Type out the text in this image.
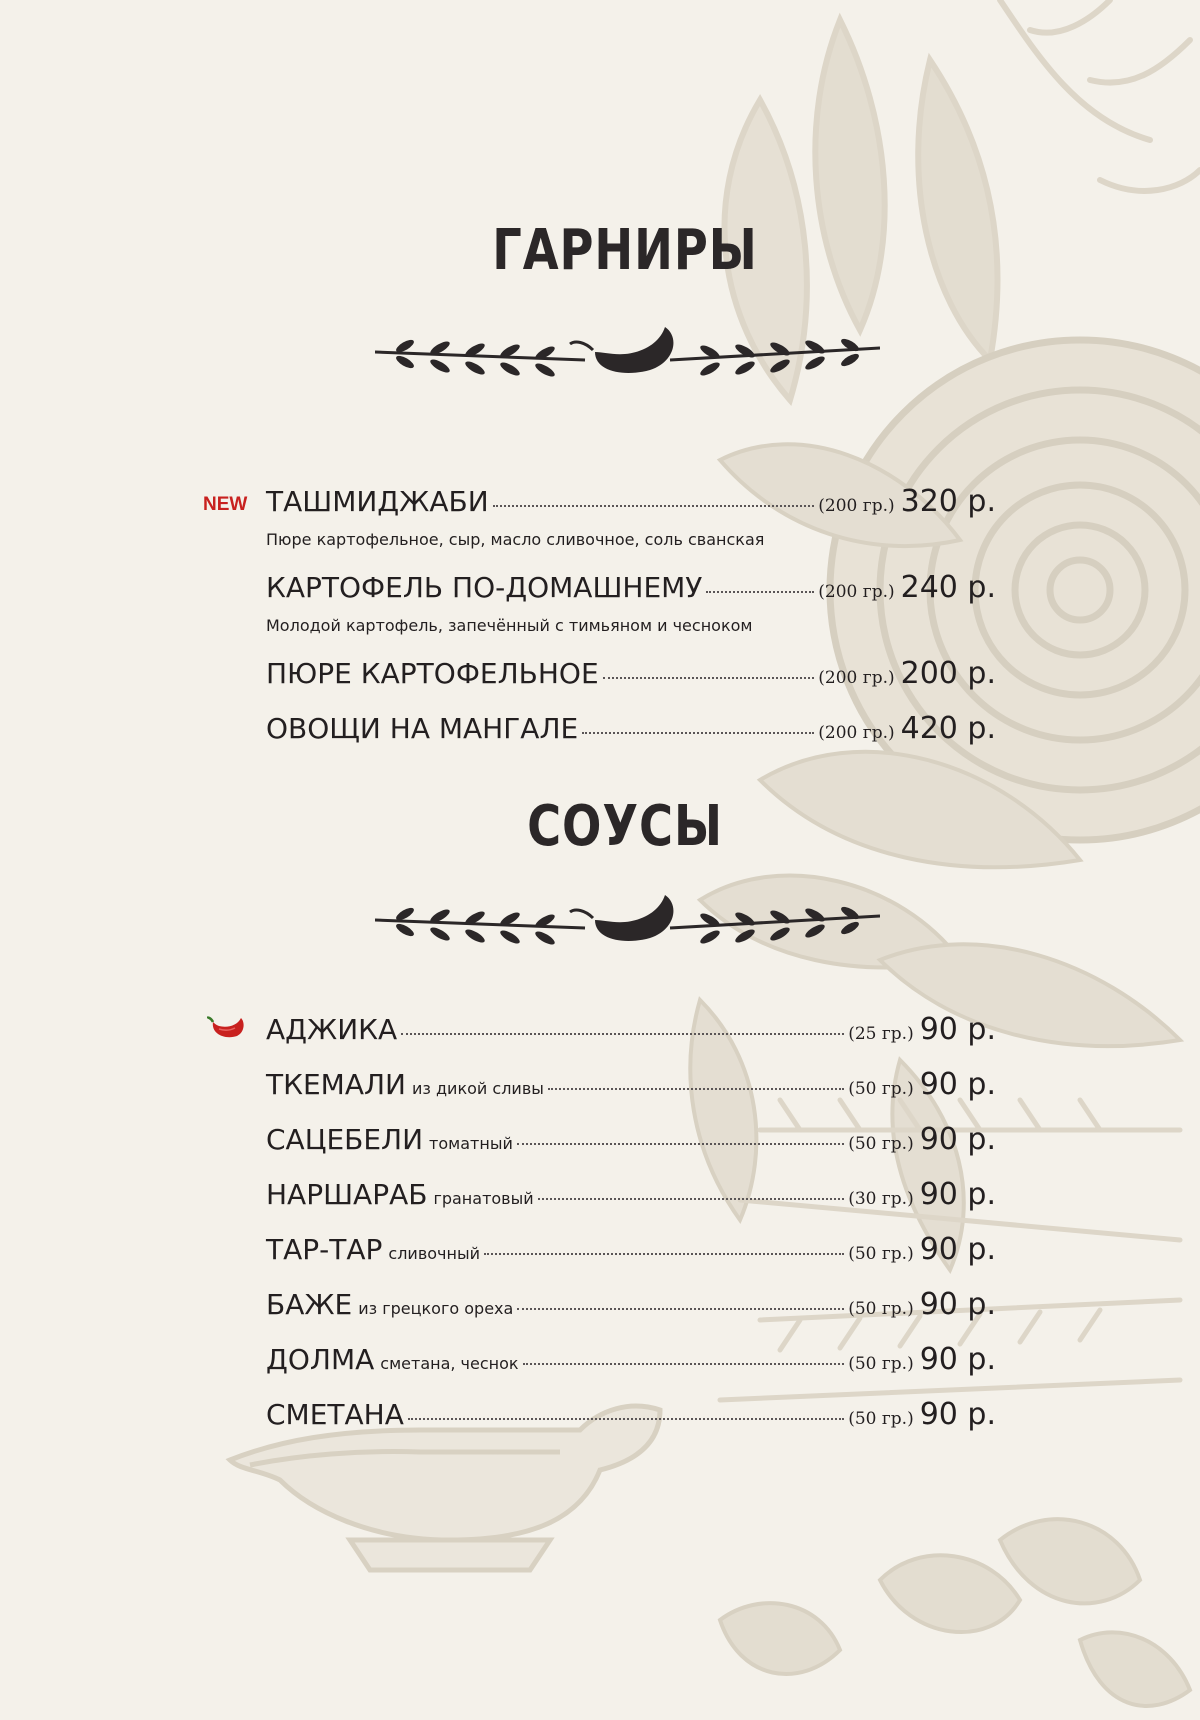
ГАРНИРЫ
NEW ТАШМИДЖАБИ	(200 гр.) 320 р.
Пюре картофельное, сыр, масло сливочное, соль сванская
КАРТОФЕЛЬ ПО-ДОМАШНЕМУ	(200 гр.) 240 р.
Молодой картофель, запечённый с тимьяном и чесноком
ПЮРЕ КАРТОФЕЛЬНОЕ	(200 гр.) 200 р.
ОВОЩИ НА МАНГАЛЕ	(200 гр.) 420 р.
СОУСЫ
АДЖИКА	(25 гр.) 90 р.
ТКЕМАЛИ из дикой сливы	(50 гр.) 90 р.
САЦЕБЕЛИ томатный	(50 гр.) 90 р.
НАРШАРАБ гранатовый	(30 гр.) 90 р.
ТАР-ТАР сливочный	(50 гр.) 90 р.
БАЖЕ из грецкого ореха	(50 гр.) 90 р.
ДОЛМА сметана, чеснок	(50 гр.) 90 р.
СМЕТАНА	(50 гр.) 90 р.
